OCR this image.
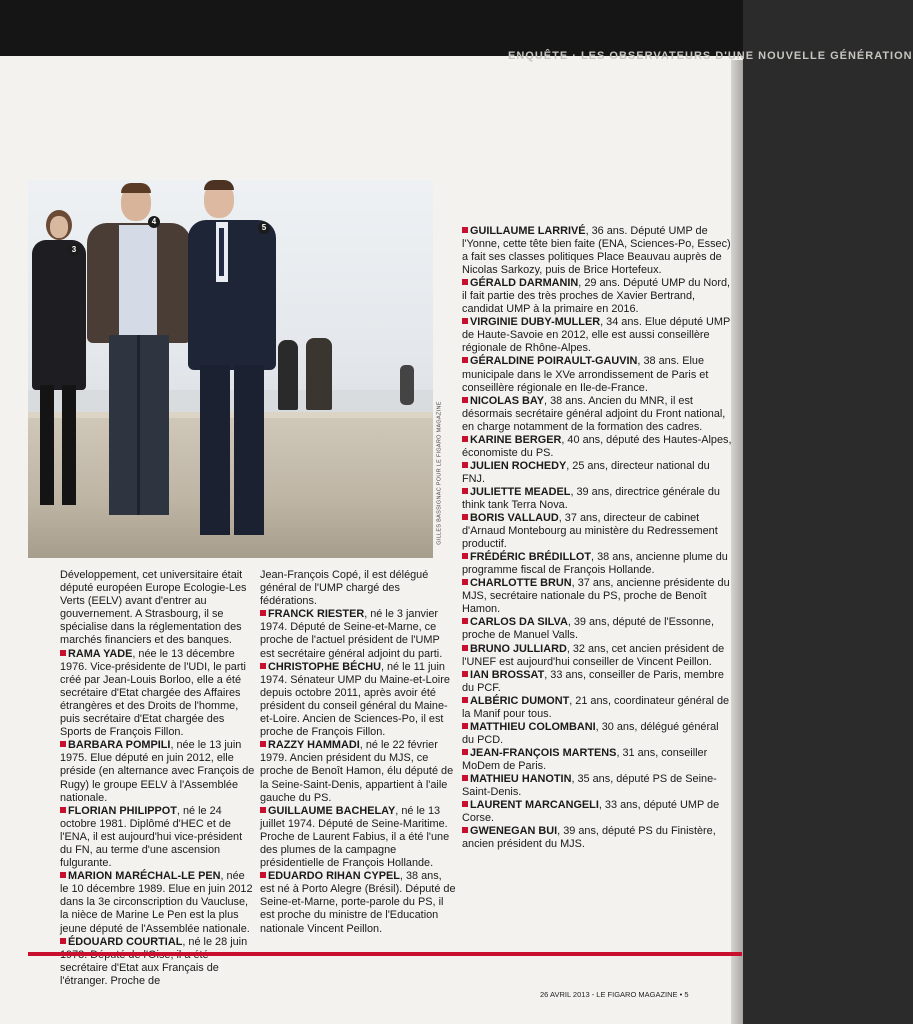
ENQUÊTE · LES OBSERVATEURS D'UNE NOUVELLE GÉNÉRATION
3
4
5
GILLES BASSIGNAC POUR LE FIGARO MAGAZINE

GUILLAUME LARRIVÉ, 36 ans. Député UMP de l'Yonne, cette tête bien faite (ENA, Sciences-Po, Essec) a fait ses classes politiques Place Beauvau auprès de Nicolas Sarkozy, puis de Brice Hortefeux.

GÉRALD DARMANIN, 29 ans. Député UMP du Nord, il fait partie des très proches de Xavier Bertrand, candidat UMP à la primaire en 2016.

VIRGINIE DUBY-MULLER, 34 ans. Elue député UMP de Haute-Savoie en 2012, elle est aussi conseillère régionale de Rhône-Alpes.

GÉRALDINE POIRAULT-GAUVIN, 38 ans. Elue municipale dans le XVe arrondissement de Paris et conseillère régionale en Ile-de-France.

NICOLAS BAY, 38 ans. Ancien du MNR, il est désormais secrétaire général adjoint du Front national, en charge notamment de la formation des cadres.

KARINE BERGER, 40 ans, député des Hautes-Alpes, économiste du PS.

JULIEN ROCHEDY, 25 ans, directeur national du FNJ.

JULIETTE MEADEL, 39 ans, directrice générale du think tank Terra Nova.

BORIS VALLAUD, 37 ans, directeur de cabinet d'Arnaud Montebourg au ministère du Redressement productif.

FRÉDÉRIC BRÉDILLOT, 38 ans, ancienne plume du programme fiscal de François Hollande.

CHARLOTTE BRUN, 37 ans, ancienne présidente du MJS, secrétaire nationale du PS, proche de Benoît Hamon.

CARLOS DA SILVA, 39 ans, député de l'Essonne, proche de Manuel Valls.

BRUNO JULLIARD, 32 ans, cet ancien président de l'UNEF est aujourd'hui conseiller de Vincent Peillon.

IAN BROSSAT, 33 ans, conseiller de Paris, membre du PCF.

ALBÉRIC DUMONT, 21 ans, coordinateur général de la Manif pour tous.

MATTHIEU COLOMBANI, 30 ans, délégué général du PCD.

JEAN-FRANÇOIS MARTENS, 31 ans, conseiller MoDem de Paris.

MATHIEU HANOTIN, 35 ans, député PS de Seine-Saint-Denis.

LAURENT MARCANGELI, 33 ans, député UMP de Corse.

GWENEGAN BUI, 39 ans, député PS du Finistère, ancien président du MJS.

Développement, cet universitaire était député européen Europe Ecologie-Les Verts (EELV) avant d'entrer au gouvernement. A Strasbourg, il se spécialise dans la réglementation des marchés financiers et des banques.

RAMA YADE, née le 13 décembre 1976. Vice-présidente de l'UDI, le parti créé par Jean-Louis Borloo, elle a été secrétaire d'Etat chargée des Affaires étrangères et des Droits de l'homme, puis secrétaire d'Etat chargée des Sports de François Fillon.

BARBARA POMPILI, née le 13 juin 1975. Elue député en juin 2012, elle préside (en alternance avec François de Rugy) le groupe EELV à l'Assemblée nationale.

FLORIAN PHILIPPOT, né le 24 octobre 1981. Diplômé d'HEC et de l'ENA, il est aujourd'hui vice-président du FN, au terme d'une ascension fulgurante.

MARION MARÉCHAL-LE PEN, née le 10 décembre 1989. Elue en juin 2012 dans la 3e circonscription du Vaucluse, la nièce de Marine Le Pen est la plus jeune député de l'Assemblée nationale.

ÉDOUARD COURTIAL, né le 28 juin secrétaire d'Etat aux Français de l'étranger. Proche de

Jean-François Copé, il est délégué général de l'UMP chargé des fédérations.

FRANCK RIESTER, né le 3 janvier 1974. Député de Seine-et-Marne, ce proche de l'actuel président de l'UMP est secrétaire général adjoint du parti.

CHRISTOPHE BÉCHU, né le 11 juin 1974. Sénateur UMP du Maine-et-Loire depuis octobre 2011, après avoir été président du conseil général du Maine-et-Loire. Ancien de Sciences-Po, il est proche de François Fillon.

RAZZY HAMMADI, né le 22 février 1979. Ancien président du MJS, ce proche de Benoît Hamon, élu député de la Seine-Saint-Denis, appartient à l'aile gauche du PS.

GUILLAUME BACHELAY, né le 13 juillet 1974. Député de Seine-Maritime. Proche de Laurent Fabius, il a été l'une des plumes de la campagne présidentielle de François Hollande.

EDUARDO RIHAN CYPEL, 38 ans, est né à Porto Alegre (Brésil). Député de Seine-et-Marne, porte-parole du PS, il est proche du ministre de l'Education nationale Vincent Peillon.

26 AVRIL 2013 - LE FIGARO MAGAZINE • 5
